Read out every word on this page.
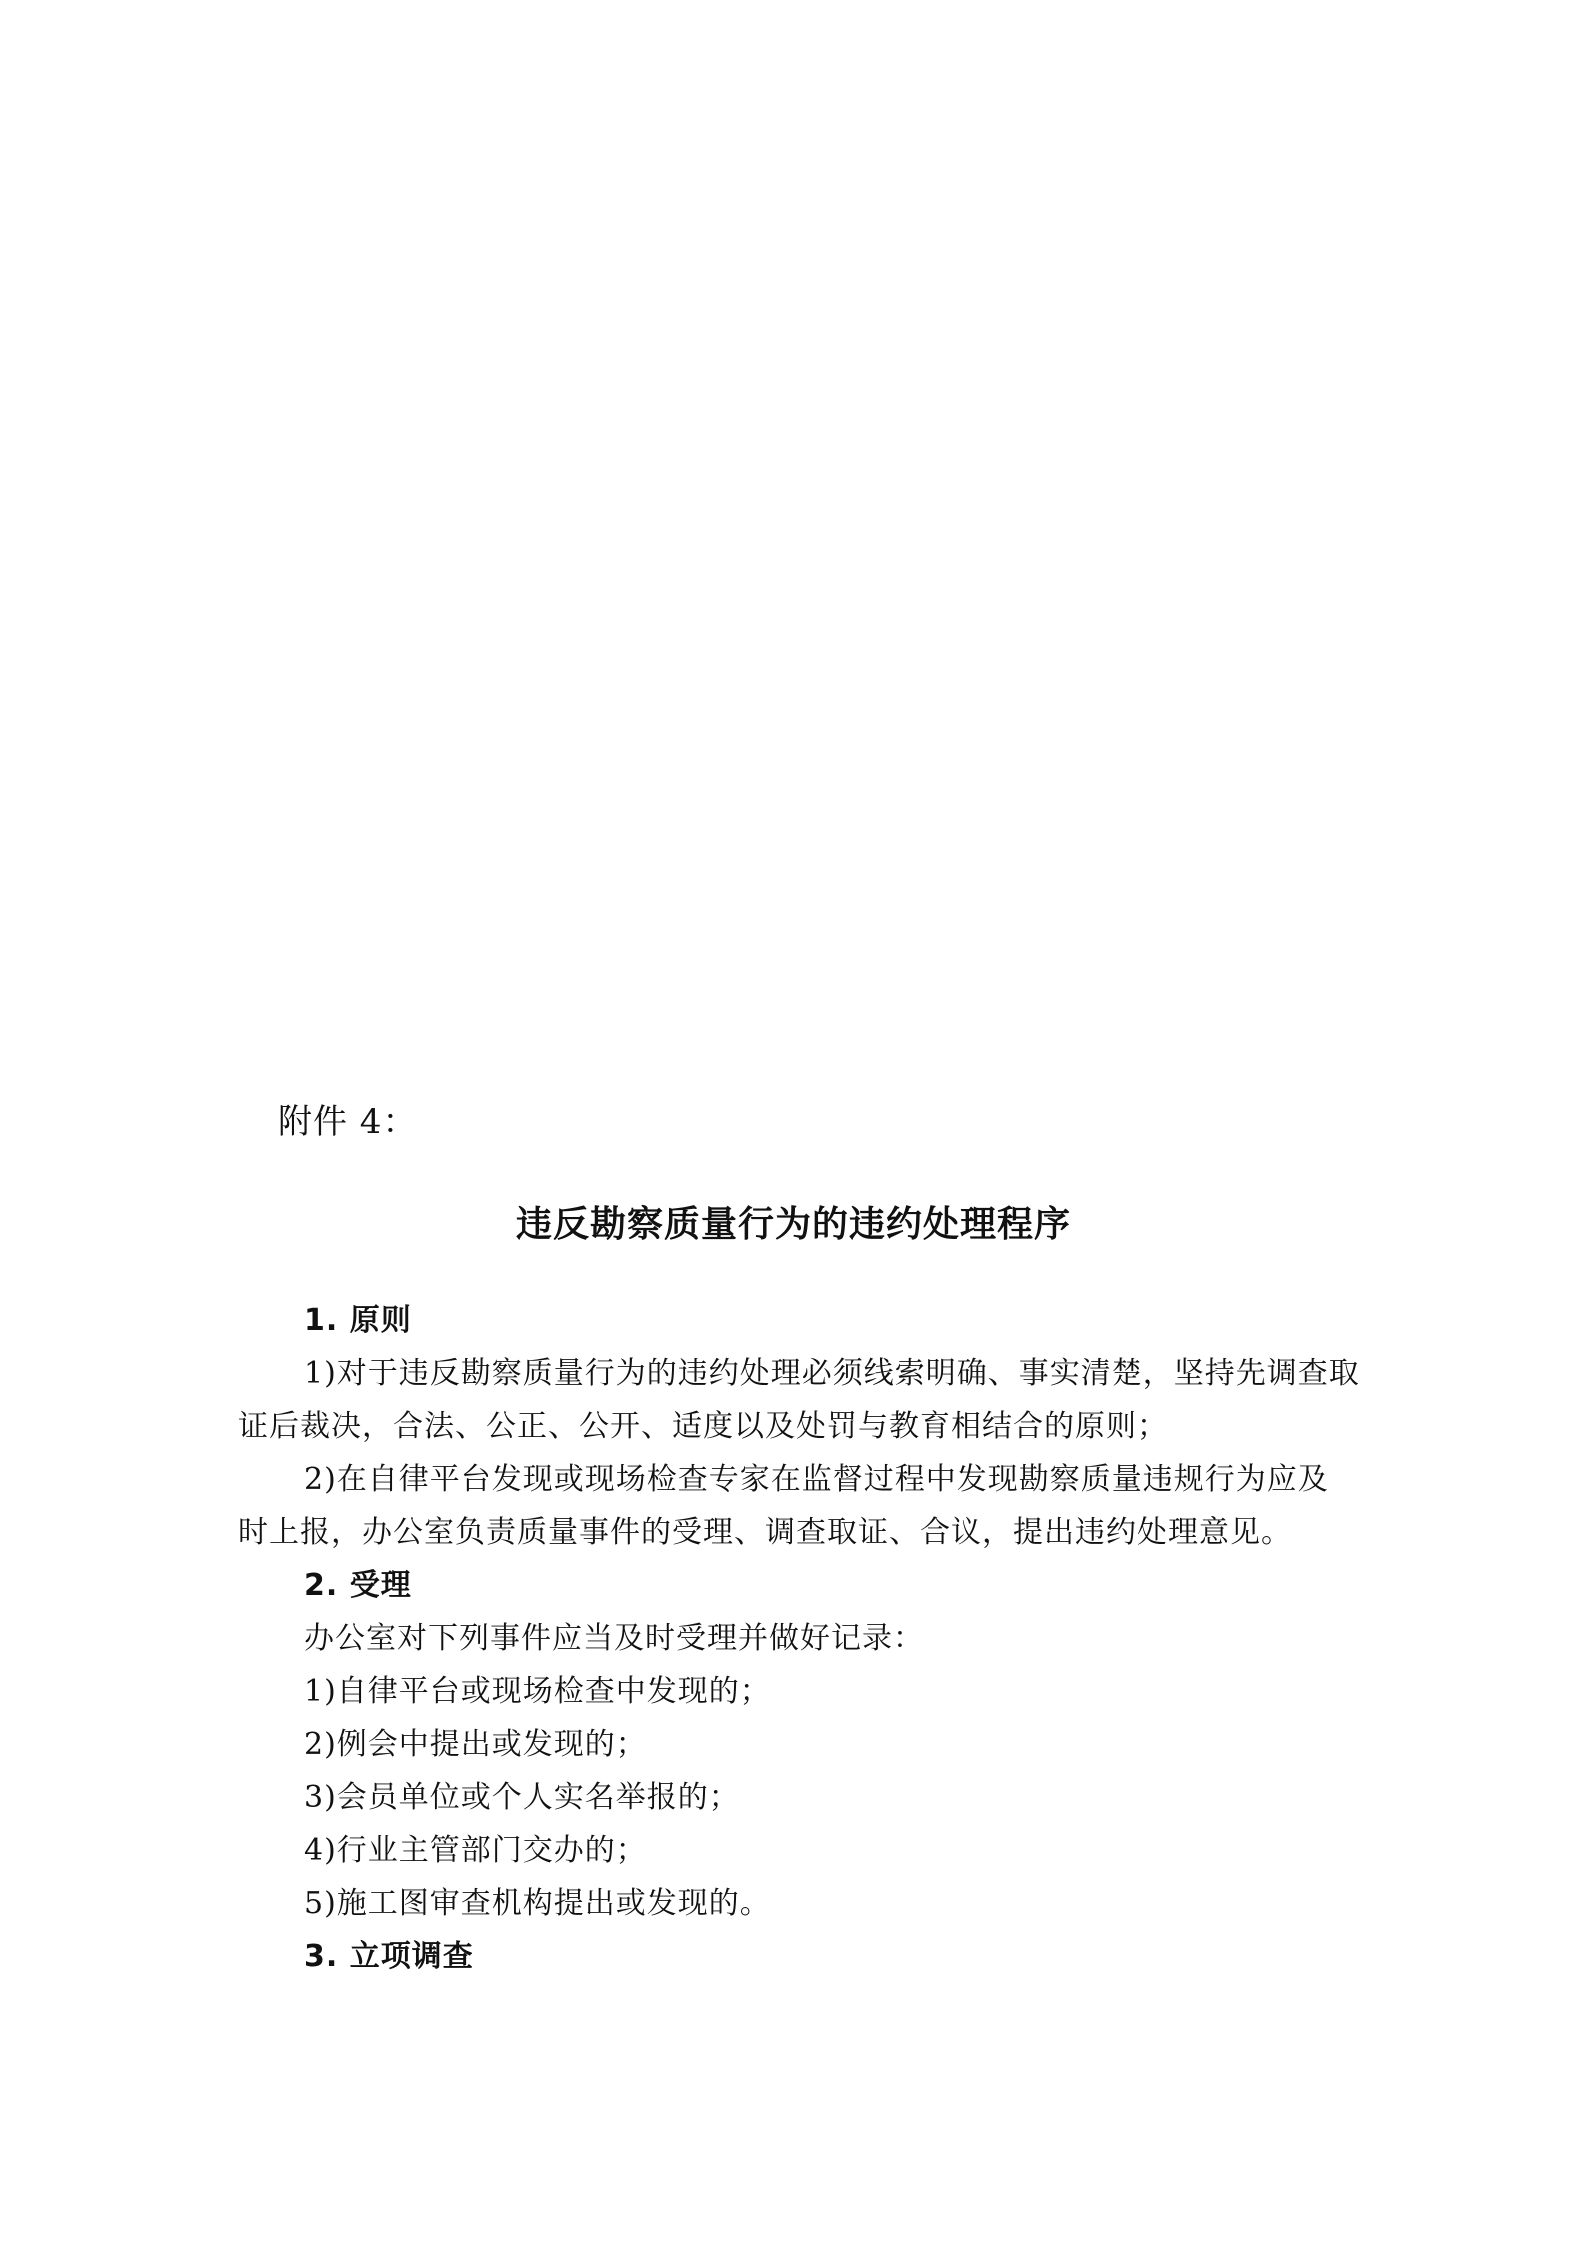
附件 4：
违反勘察质量行为的违约处理程序
1. 原则
1)对于违反勘察质量行为的违约处理必须线索明确、事实清楚，坚持先调查取
证后裁决，合法、公正、公开、适度以及处罚与教育相结合的原则；
2)在自律平台发现或现场检查专家在监督过程中发现勘察质量违规行为应及
时上报，办公室负责质量事件的受理、调查取证、合议，提出违约处理意见。
2. 受理
办公室对下列事件应当及时受理并做好记录：
1)自律平台或现场检查中发现的；
2)例会中提出或发现的；
3)会员单位或个人实名举报的；
4)行业主管部门交办的；
5)施工图审查机构提出或发现的。
3. 立项调查
